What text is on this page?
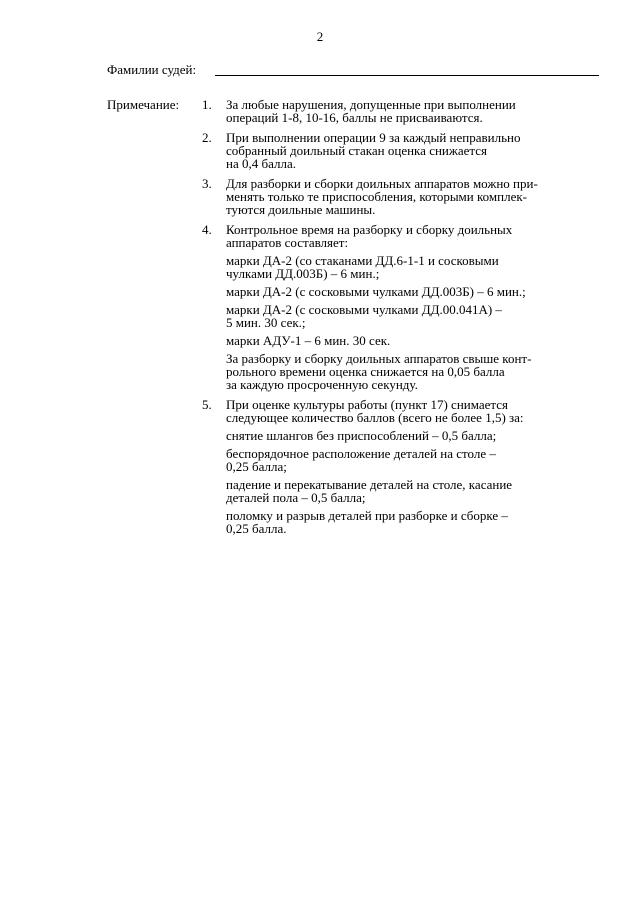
2
Фамилии судей:
Примечание: 1. За любые нарушения, допущенные при выполнении
операций 1-8, 10-16, баллы не присваиваются.
2. При выполнении операции 9 за каждый неправильно
собранный доильный стакан оценка снижается
на 0,4 балла.
3. Для разборки и сборки доильных аппаратов можно при-
менять только те приспособления, которыми комплек-
туются доильные машины.
4. Контрольное время на разборку и сборку доильных
аппаратов составляет:
марки ДА-2 (со стаканами ДД.6-1-1 и сосковыми
чулками ДД.003Б) – 6 мин.;
марки ДА-2 (с сосковыми чулками ДД.003Б) – 6 мин.;
марки ДА-2 (с сосковыми чулками ДД.00.041А) –
5 мин. 30 сек.;
марки АДУ-1 – 6 мин. 30 сек.
За разборку и сборку доильных аппаратов свыше конт-
рольного времени оценка снижается на 0,05 балла
за каждую просроченную секунду.
5. При оценке культуры работы (пункт 17) снимается
следующее количество баллов (всего не более 1,5) за:
снятие шлангов без приспособлений – 0,5 балла;
беспорядочное расположение деталей на столе –
0,25 балла;
падение и перекатывание деталей на столе, касание
деталей пола – 0,5 балла;
поломку и разрыв деталей при разборке и сборке –
0,25 балла.
